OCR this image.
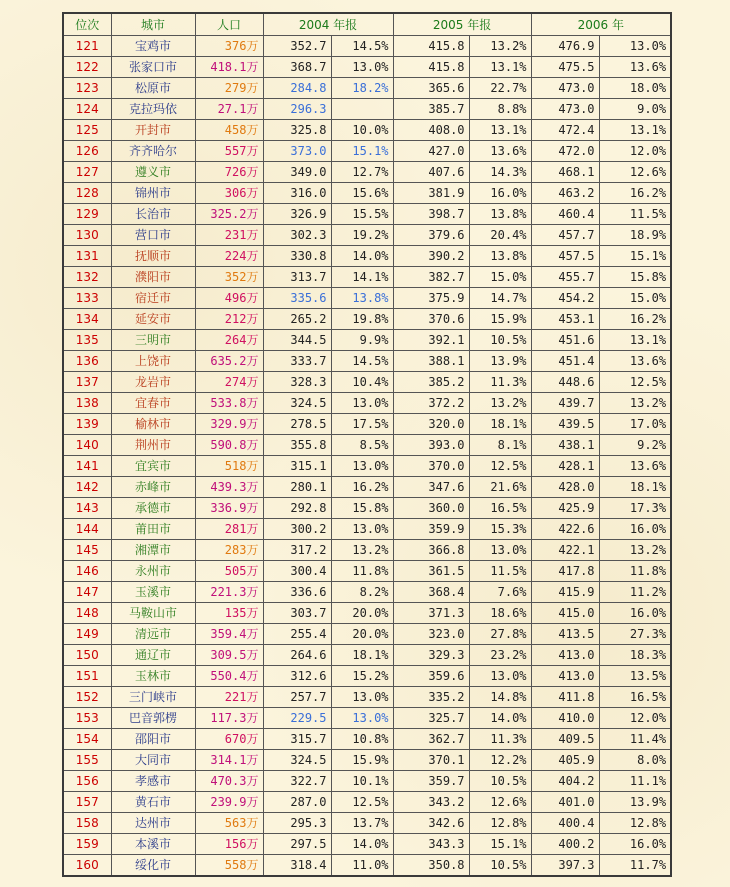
位次	城市	人口	2004 年报		2005 年报		2006 年	
121	宝鸡市	376万	352.7	14.5%	415.8	13.2%	476.9	13.0%
122	张家口市	418.1万	368.7	13.0%	415.8	13.1%	475.5	13.6%
123	松原市	279万	284.8	18.2%	365.6	22.7%	473.0	18.0%
124	克拉玛依	27.1万	296.3		385.7	8.8%	473.0	9.0%
125	开封市	458万	325.8	10.0%	408.0	13.1%	472.4	13.1%
126	齐齐哈尔	557万	373.0	15.1%	427.0	13.6%	472.0	12.0%
127	遵义市	726万	349.0	12.7%	407.6	14.3%	468.1	12.6%
128	锦州市	306万	316.0	15.6%	381.9	16.0%	463.2	16.2%
129	长治市	325.2万	326.9	15.5%	398.7	13.8%	460.4	11.5%
130	营口市	231万	302.3	19.2%	379.6	20.4%	457.7	18.9%
131	抚顺市	224万	330.8	14.0%	390.2	13.8%	457.5	15.1%
132	濮阳市	352万	313.7	14.1%	382.7	15.0%	455.7	15.8%
133	宿迁市	496万	335.6	13.8%	375.9	14.7%	454.2	15.0%
134	延安市	212万	265.2	19.8%	370.6	15.9%	453.1	16.2%
135	三明市	264万	344.5	9.9%	392.1	10.5%	451.6	13.1%
136	上饶市	635.2万	333.7	14.5%	388.1	13.9%	451.4	13.6%
137	龙岩市	274万	328.3	10.4%	385.2	11.3%	448.6	12.5%
138	宜春市	533.8万	324.5	13.0%	372.2	13.2%	439.7	13.2%
139	榆林市	329.9万	278.5	17.5%	320.0	18.1%	439.5	17.0%
140	荆州市	590.8万	355.8	8.5%	393.0	8.1%	438.1	9.2%
141	宜宾市	518万	315.1	13.0%	370.0	12.5%	428.1	13.6%
142	赤峰市	439.3万	280.1	16.2%	347.6	21.6%	428.0	18.1%
143	承德市	336.9万	292.8	15.8%	360.0	16.5%	425.9	17.3%
144	莆田市	281万	300.2	13.0%	359.9	15.3%	422.6	16.0%
145	湘潭市	283万	317.2	13.2%	366.8	13.0%	422.1	13.2%
146	永州市	505万	300.4	11.8%	361.5	11.5%	417.8	11.8%
147	玉溪市	221.3万	336.6	8.2%	368.4	7.6%	415.9	11.2%
148	马鞍山市	135万	303.7	20.0%	371.3	18.6%	415.0	16.0%
149	清远市	359.4万	255.4	20.0%	323.0	27.8%	413.5	27.3%
150	通辽市	309.5万	264.6	18.1%	329.3	23.2%	413.0	18.3%
151	玉林市	550.4万	312.6	15.2%	359.6	13.0%	413.0	13.5%
152	三门峡市	221万	257.7	13.0%	335.2	14.8%	411.8	16.5%
153	巴音郭楞	117.3万	229.5	13.0%	325.7	14.0%	410.0	12.0%
154	邵阳市	670万	315.7	10.8%	362.7	11.3%	409.5	11.4%
155	大同市	314.1万	324.5	15.9%	370.1	12.2%	405.9	8.0%
156	孝感市	470.3万	322.7	10.1%	359.7	10.5%	404.2	11.1%
157	黄石市	239.9万	287.0	12.5%	343.2	12.6%	401.0	13.9%
158	达州市	563万	295.3	13.7%	342.6	12.8%	400.4	12.8%
159	本溪市	156万	297.5	14.0%	343.3	15.1%	400.2	16.0%
160	绥化市	558万	318.4	11.0%	350.8	10.5%	397.3	11.7%
